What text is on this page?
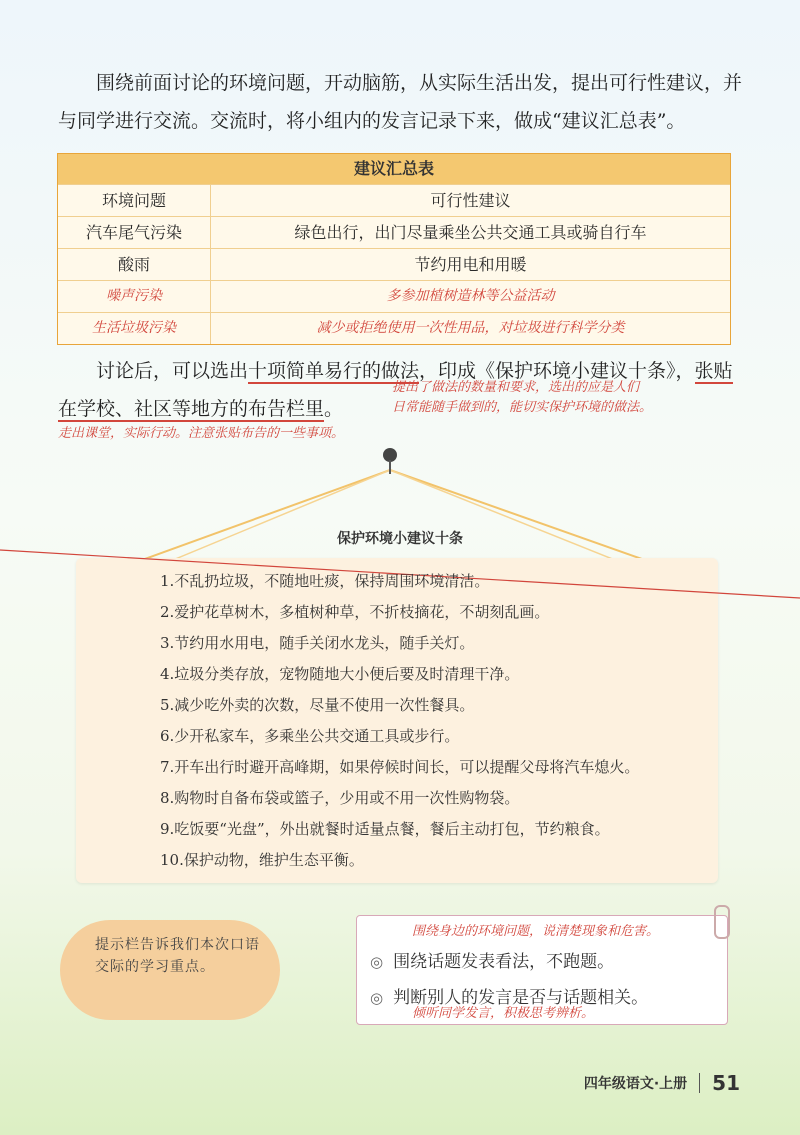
围绕前面讨论的环境问题，开动脑筋，从实际生活出发，提出可行性建议，并
与同学进行交流。交流时，将小组内的发言记录下来，做成“建议汇总表”。
建议汇总表
环境问题	可行性建议
汽车尾气污染	绿色出行，出门尽量乘坐公共交通工具或骑自行车
酸雨	节约用电和用暖
噪声污染	多参加植树造林等公益活动
生活垃圾污染	减少或拒绝使用一次性用品，对垃圾进行科学分类
讨论后，可以选出十项简单易行的做法，印成《保护环境小建议十条》，张贴
在学校、社区等地方的布告栏里。
提出了做法的数量和要求，选出的应是人们
日常能随手做到的，能切实保护环境的做法。
走出课堂，实际行动。注意张贴布告的一些事项。
保护环境小建议十条
1.不乱扔垃圾，不随地吐痰，保持周围环境清洁。
2.爱护花草树木，多植树种草，不折枝摘花，不胡刻乱画。
3.节约用水用电，随手关闭水龙头，随手关灯。
4.垃圾分类存放，宠物随地大小便后要及时清理干净。
5.减少吃外卖的次数，尽量不使用一次性餐具。
6.少开私家车，多乘坐公共交通工具或步行。
7.开车出行时避开高峰期，如果停候时间长，可以提醒父母将汽车熄火。
8.购物时自备布袋或篮子，少用或不用一次性购物袋。
9.吃饭要“光盘”，外出就餐时适量点餐，餐后主动打包，节约粮食。
10.保护动物，维护生态平衡。
提示栏告诉我们本次口语交际的学习重点。
围绕身边的环境问题，说清楚现象和危害。
◎ 围绕话题发表看法，不跑题。
◎ 判断别人的发言是否与话题相关。
倾听同学发言，积极思考辨析。
四年级语文·上册 51
